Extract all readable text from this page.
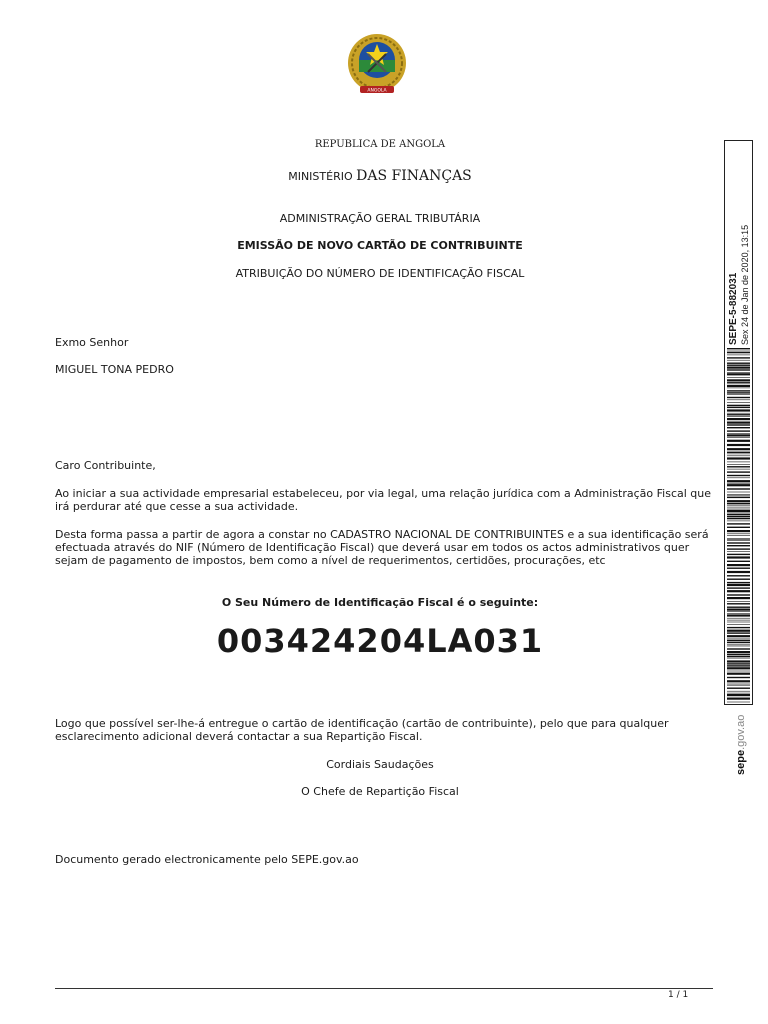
ANGOLA
REPUBLICA DE ANGOLA
MINISTÉRIO DAS FINANÇAS
ADMINISTRAÇÃO GERAL TRIBUTÁRIA
EMISSÃO DE NOVO CARTÃO DE CONTRIBUINTE
ATRIBUIÇÃO DO NÚMERO DE IDENTIFICAÇÃO FISCAL
Exmo Senhor
MIGUEL TONA PEDRO
Caro Contribuinte,
Ao iniciar a sua actividade empresarial estabeleceu, por via legal, uma relação jurídica com a Administração Fiscal que irá perdurar até que cesse a sua actividade.
Desta forma passa a partir de agora a constar no CADASTRO NACIONAL DE CONTRIBUINTES e a sua identificação será efectuada através do NIF (Número de Identificação Fiscal) que deverá usar em todos os actos administrativos quer sejam de pagamento de impostos, bem como a nível de requerimentos, certidões, procurações, etc
O Seu Número de Identificação Fiscal é o seguinte:
003424204LA031
Logo que possível ser-lhe-á entregue o cartão de identificação (cartão de contribuinte), pelo que para qualquer esclarecimento adicional deverá contactar a sua Repartição Fiscal.
Cordiais Saudações
O Chefe de Repartição Fiscal
Documento gerado electronicamente pelo SEPE.gov.ao
1 / 1
SEPE-5-882031 Sex 24 de Jan de 2020, 13:15
sepe.gov.ao
